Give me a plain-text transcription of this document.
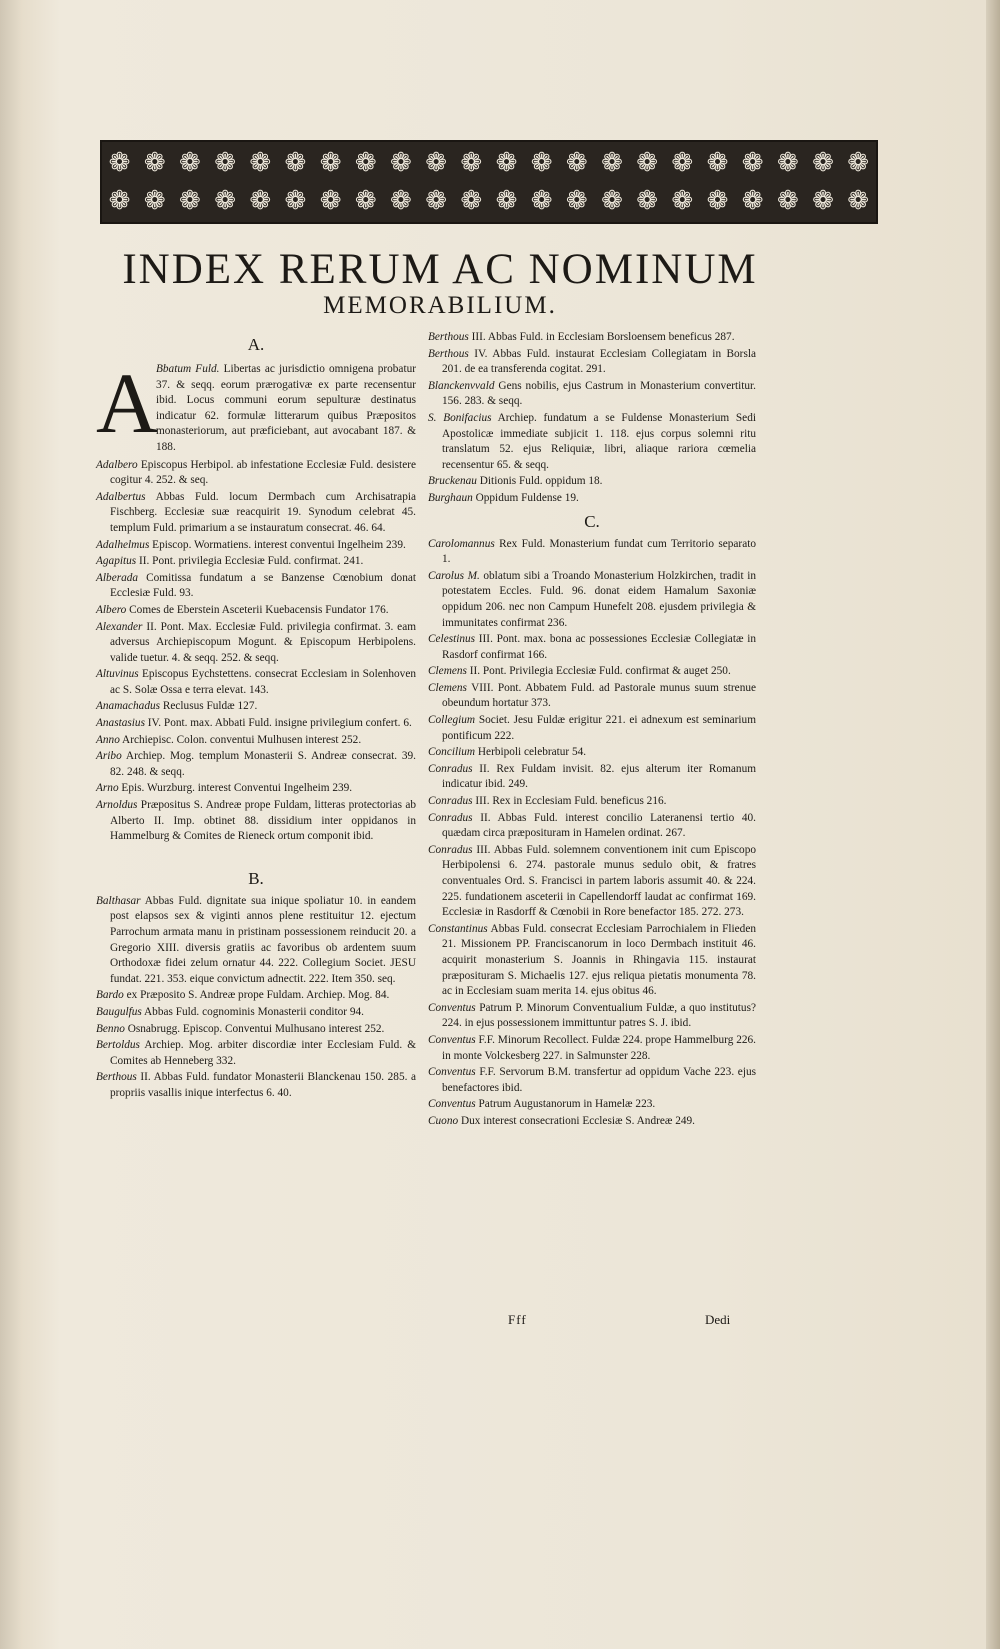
❁ ❁ ❁ ❁ ❁ ❁ ❁ ❁ ❁ ❁ ❁ ❁ ❁ ❁ ❁ ❁ ❁ ❁ ❁ ❁ ❁ ❁
❁ ❁ ❁ ❁ ❁ ❁ ❁ ❁ ❁ ❁ ❁ ❁ ❁ ❁ ❁ ❁ ❁ ❁ ❁ ❁ ❁ ❁
INDEX RERUM AC NOMINUM
MEMORABILIUM.
A.
A
Bbatum Fuld. Libertas ac jurisdictio omnigena probatur 37. & seqq. eorum prærogativæ ex parte recensentur ibid. Locus communi eorum sepulturæ destinatus indicatur 62. formulæ litterarum quibus Præpositos monasteriorum, aut præficiebant, aut avocabant 187. & 188.
Adalbero Episcopus Herbipol. ab infestatione Ecclesiæ Fuld. desistere cogitur 4. 252. & seq.
Adalbertus Abbas Fuld. locum Dermbach cum Archisatrapia Fischberg. Ecclesiæ suæ reacquirit 19. Synodum celebrat 45. templum Fuld. primarium a se instauratum consecrat. 46. 64.
Adalhelmus Episcop. Wormatiens. interest conventui Ingelheim 239.
Agapitus II. Pont. privilegia Ecclesiæ Fuld. confirmat. 241.
Alberada Comitissa fundatum a se Banzense Cœnobium donat Ecclesiæ Fuld. 93.
Albero Comes de Eberstein Asceterii Kuebacensis Fundator 176.
Alexander II. Pont. Max. Ecclesiæ Fuld. privilegia confirmat. 3. eam adversus Archiepiscopum Mogunt. & Episcopum Herbipolens. valide tuetur. 4. & seqq. 252. & seqq.
Altuvinus Episcopus Eychstettens. consecrat Ecclesiam in Solenhoven ac S. Solæ Ossa e terra elevat. 143.
Anamachadus Reclusus Fuldæ 127.
Anastasius IV. Pont. max. Abbati Fuld. insigne privilegium confert. 6.
Anno Archiepisc. Colon. conventui Mulhusen interest 252.
Aribo Archiep. Mog. templum Monasterii S. Andreæ consecrat. 39. 82. 248. & seqq.
Arno Epis. Wurzburg. interest Conventui Ingelheim 239.
Arnoldus Præpositus S. Andreæ prope Fuldam, litteras protectorias ab Alberto II. Imp. obtinet 88. dissidium inter oppidanos in Hammelburg & Comites de Rieneck ortum componit ibid.
B.
Balthasar Abbas Fuld. dignitate sua inique spoliatur 10. in eandem post elapsos sex & viginti annos plene restituitur 12. ejectum Parrochum armata manu in pristinam possessionem reinducit 20. a Gregorio XIII. diversis gratiis ac favoribus ob ardentem suum Orthodoxæ fidei zelum ornatur 44. 222. Collegium Societ. JESU fundat. 221. 353. eique convictum adnectit. 222. Item 350. seq.
Bardo ex Præposito S. Andreæ prope Fuldam. Archiep. Mog. 84.
Baugulfus Abbas Fuld. cognominis Monasterii conditor 94.
Benno Osnabrugg. Episcop. Conventui Mulhusano interest 252.
Bertoldus Archiep. Mog. arbiter discordiæ inter Ecclesiam Fuld. & Comites ab Henneberg 332.
Berthous II. Abbas Fuld. fundator Monasterii Blanckenau 150. 285. a propriis vasallis inique interfectus 6. 40.
Berthous III. Abbas Fuld. in Ecclesiam Borsloensem beneficus 287.
Berthous IV. Abbas Fuld. instaurat Ecclesiam Collegiatam in Borsla 201. de ea transferenda cogitat. 291.
Blanckenvvald Gens nobilis, ejus Castrum in Monasterium convertitur. 156. 283. & seqq.
S. Bonifacius Archiep. fundatum a se Fuldense Monasterium Sedi Apostolicæ immediate subjicit 1. 118. ejus corpus solemni ritu translatum 52. ejus Reliquiæ, libri, aliaque rariora cœmelia recensentur 65. & seqq.
Bruckenau Ditionis Fuld. oppidum 18.
Burghaun Oppidum Fuldense 19.
C.
Carolomannus Rex Fuld. Monasterium fundat cum Territorio separato 1.
Carolus M. oblatum sibi a Troando Monasterium Holzkirchen, tradit in potestatem Eccles. Fuld. 96. donat eidem Hamalum Saxoniæ oppidum 206. nec non Campum Hunefelt 208. ejusdem privilegia & immunitates confirmat 236.
Celestinus III. Pont. max. bona ac possessiones Ecclesiæ Collegiatæ in Rasdorf confirmat 166.
Clemens II. Pont. Privilegia Ecclesiæ Fuld. confirmat & auget 250.
Clemens VIII. Pont. Abbatem Fuld. ad Pastorale munus suum strenue obeundum hortatur 373.
Collegium Societ. Jesu Fuldæ erigitur 221. ei adnexum est seminarium pontificum 222.
Concilium Herbipoli celebratur 54.
Conradus II. Rex Fuldam invisit. 82. ejus alterum iter Romanum indicatur ibid. 249.
Conradus III. Rex in Ecclesiam Fuld. beneficus 216.
Conradus II. Abbas Fuld. interest concilio Lateranensi tertio 40. quædam circa præposituram in Hamelen ordinat. 267.
Conradus III. Abbas Fuld. solemnem conventionem init cum Episcopo Herbipolensi 6. 274. pastorale munus sedulo obit, & fratres conventuales Ord. S. Francisci in partem laboris assumit 40. & 224. 225. fundationem asceterii in Capellendorff laudat ac confirmat 169. Ecclesiæ in Rasdorff & Cœnobii in Rore benefactor 185. 272. 273.
Constantinus Abbas Fuld. consecrat Ecclesiam Parrochialem in Flieden 21. Missionem PP. Franciscanorum in loco Dermbach instituit 46. acquirit monasterium S. Joannis in Rhingavia 115. instaurat præposituram S. Michaelis 127. ejus reliqua pietatis monumenta 78. ac in Ecclesiam suam merita 14. ejus obitus 46.
Conventus Patrum P. Minorum Conventualium Fuldæ, a quo institutus? 224. in ejus possessionem immittuntur patres S. J. ibid.
Conventus F.F. Minorum Recollect. Fuldæ 224. prope Hammelburg 226. in monte Volckesberg 227. in Salmunster 228.
Conventus F.F. Servorum B.M. transfertur ad oppidum Vache 223. ejus benefactores ibid.
Conventus Patrum Augustanorum in Hamelæ 223.
Cuono Dux interest consecrationi Ecclesiæ S. Andreæ 249.
Fff	Dedi
